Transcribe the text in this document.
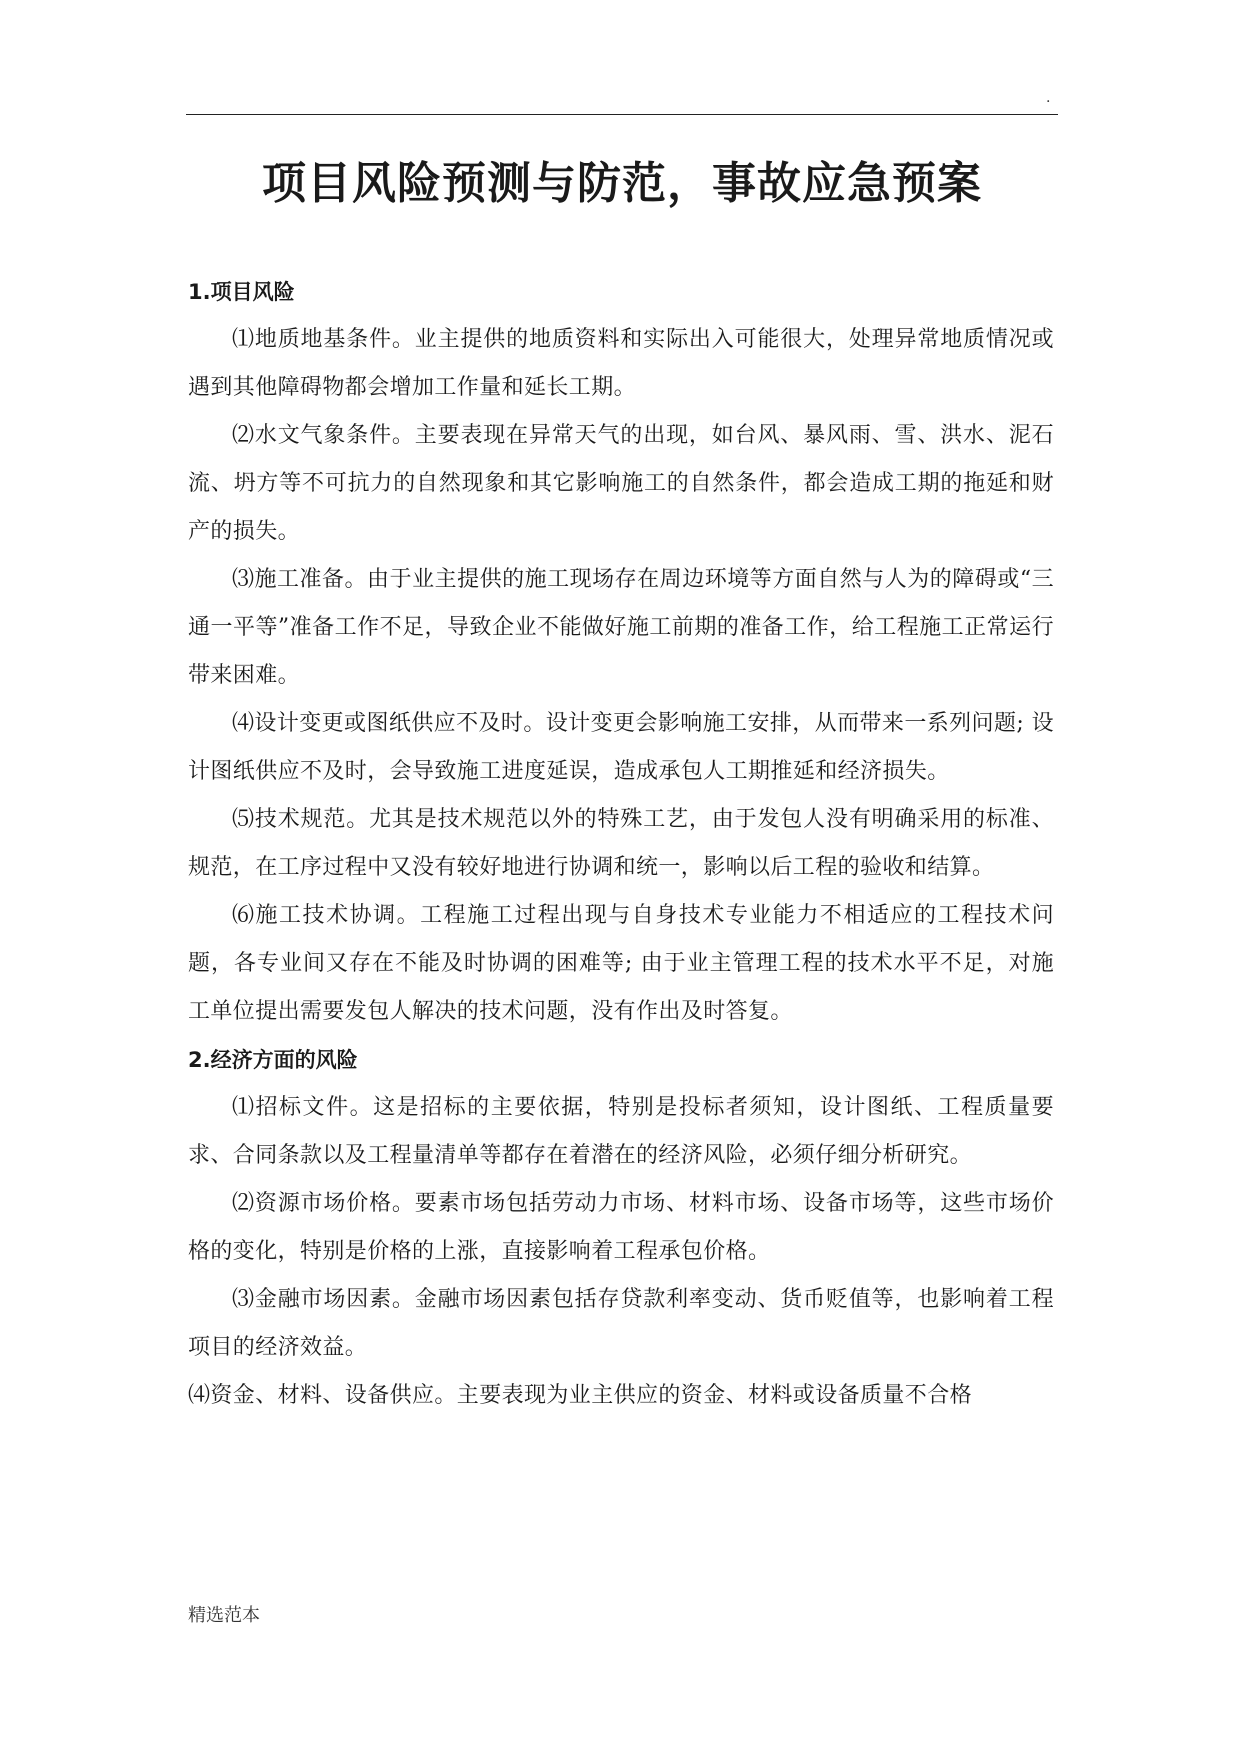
.
项目风险预测与防范，事故应急预案
1.项目风险

⑴地质地基条件。业主提供的地质资料和实际出入可能很大，处理异常地质情况或遇到其他障碍物都会增加工作量和延长工期。

⑵水文气象条件。主要表现在异常天气的出现，如台风、暴风雨、雪、洪水、泥石流、坍方等不可抗力的自然现象和其它影响施工的自然条件，都会造成工期的拖延和财产的损失。

⑶施工准备。由于业主提供的施工现场存在周边环境等方面自然与人为的障碍或“三通一平等”准备工作不足，导致企业不能做好施工前期的准备工作，给工程施工正常运行带来困难。

⑷设计变更或图纸供应不及时。设计变更会影响施工安排，从而带来一系列问题; 设计图纸供应不及时，会导致施工进度延误，造成承包人工期推延和经济损失。

⑸技术规范。尤其是技术规范以外的特殊工艺，由于发包人没有明确采用的标准、规范，在工序过程中又没有较好地进行协调和统一，影响以后工程的验收和结算。

⑹施工技术协调。工程施工过程出现与自身技术专业能力不相适应的工程技术问题，各专业间又存在不能及时协调的困难等; 由于业主管理工程的技术水平不足，对施工单位提出需要发包人解决的技术问题，没有作出及时答复。

2.经济方面的风险

⑴招标文件。这是招标的主要依据，特别是投标者须知，设计图纸、工程质量要求、合同条款以及工程量清单等都存在着潜在的经济风险，必须仔细分析研究。

⑵资源市场价格。要素市场包括劳动力市场、材料市场、设备市场等，这些市场价格的变化，特别是价格的上涨，直接影响着工程承包价格。

⑶金融市场因素。金融市场因素包括存贷款利率变动、货币贬值等，也影响着工程项目的经济效益。

⑷资金、材料、设备供应。主要表现为业主供应的资金、材料或设备质量不合格

精选范本
